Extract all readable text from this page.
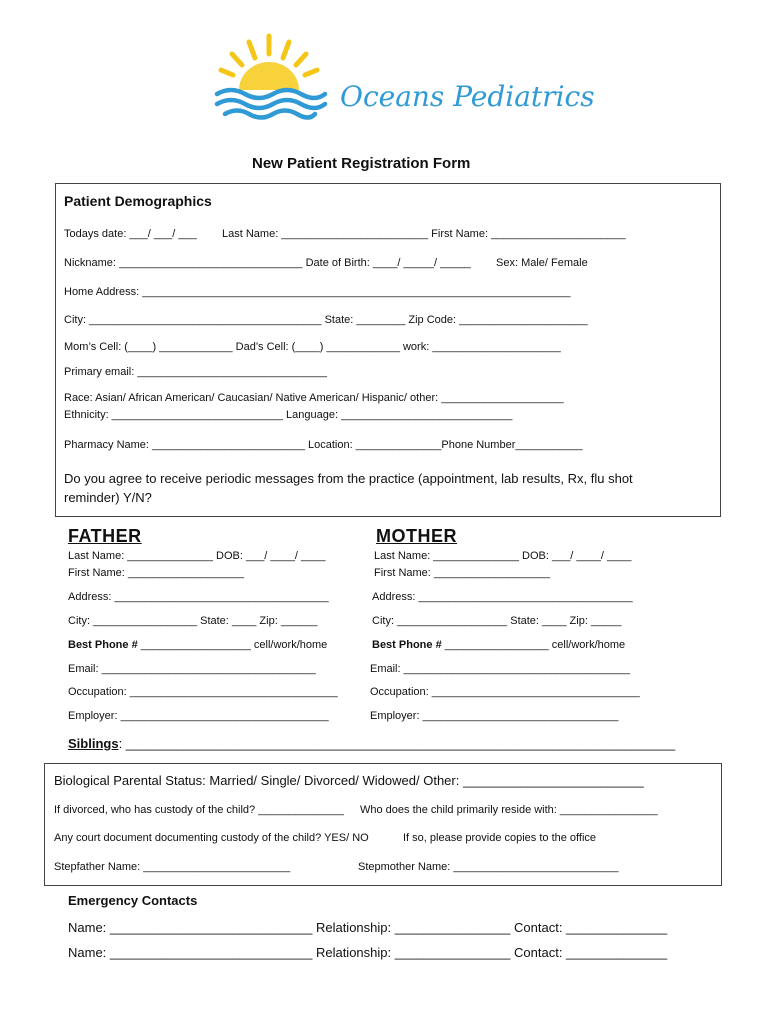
Oceans Pediatrics
New Patient Registration Form
Patient Demographics
Todays date: ___/ ___/ ___ Last Name: ________________________ First Name: ______________________
Nickname: ______________________________ Date of Birth: ____/ _____/ _____ Sex: Male/ Female
Home Address: ______________________________________________________________________
City: ______________________________________ State: ________ Zip Code: _____________________
Mom’s Cell: (____) ____________ Dad’s Cell: (____) ____________ work: _____________________
Primary email: _______________________________
Race: Asian/ African American/ Caucasian/ Native American/ Hispanic/ other: ____________________
Ethnicity: ____________________________ Language: ____________________________
Pharmacy Name: _________________________ Location: ______________Phone Number___________
Do you agree to receive periodic messages from the practice (appointment, lab results, Rx, flu shot
reminder) Y/N?
FATHER
Last Name: ______________ DOB: ___/ ____/ ____
First Name: ___________________
Address: ___________________________________
City: _________________ State: ____ Zip: ______
Best Phone # __________________ cell/work/home
Email: ___________________________________
Occupation: __________________________________
Employer: __________________________________
MOTHER
Last Name: ______________ DOB: ___/ ____/ ____
First Name: ___________________
Address: ___________________________________
City: __________________ State: ____ Zip: _____
Best Phone # _________________ cell/work/home
Email: _____________________________________
Occupation: __________________________________
Employer: ________________________________
Siblings: ____________________________________________________________________________
Biological Parental Status: Married/ Single/ Divorced/ Widowed/ Other: _________________________
If divorced, who has custody of the child? ______________ Who does the child primarily reside with: ________________
Any court document documenting custody of the child? YES/ NO	If so, please provide copies to the office
Stepfather Name: ________________________	Stepmother Name: ___________________________
Emergency Contacts
Name: ____________________________ Relationship: ________________ Contact: ______________
Name: ____________________________ Relationship: ________________ Contact: ______________
